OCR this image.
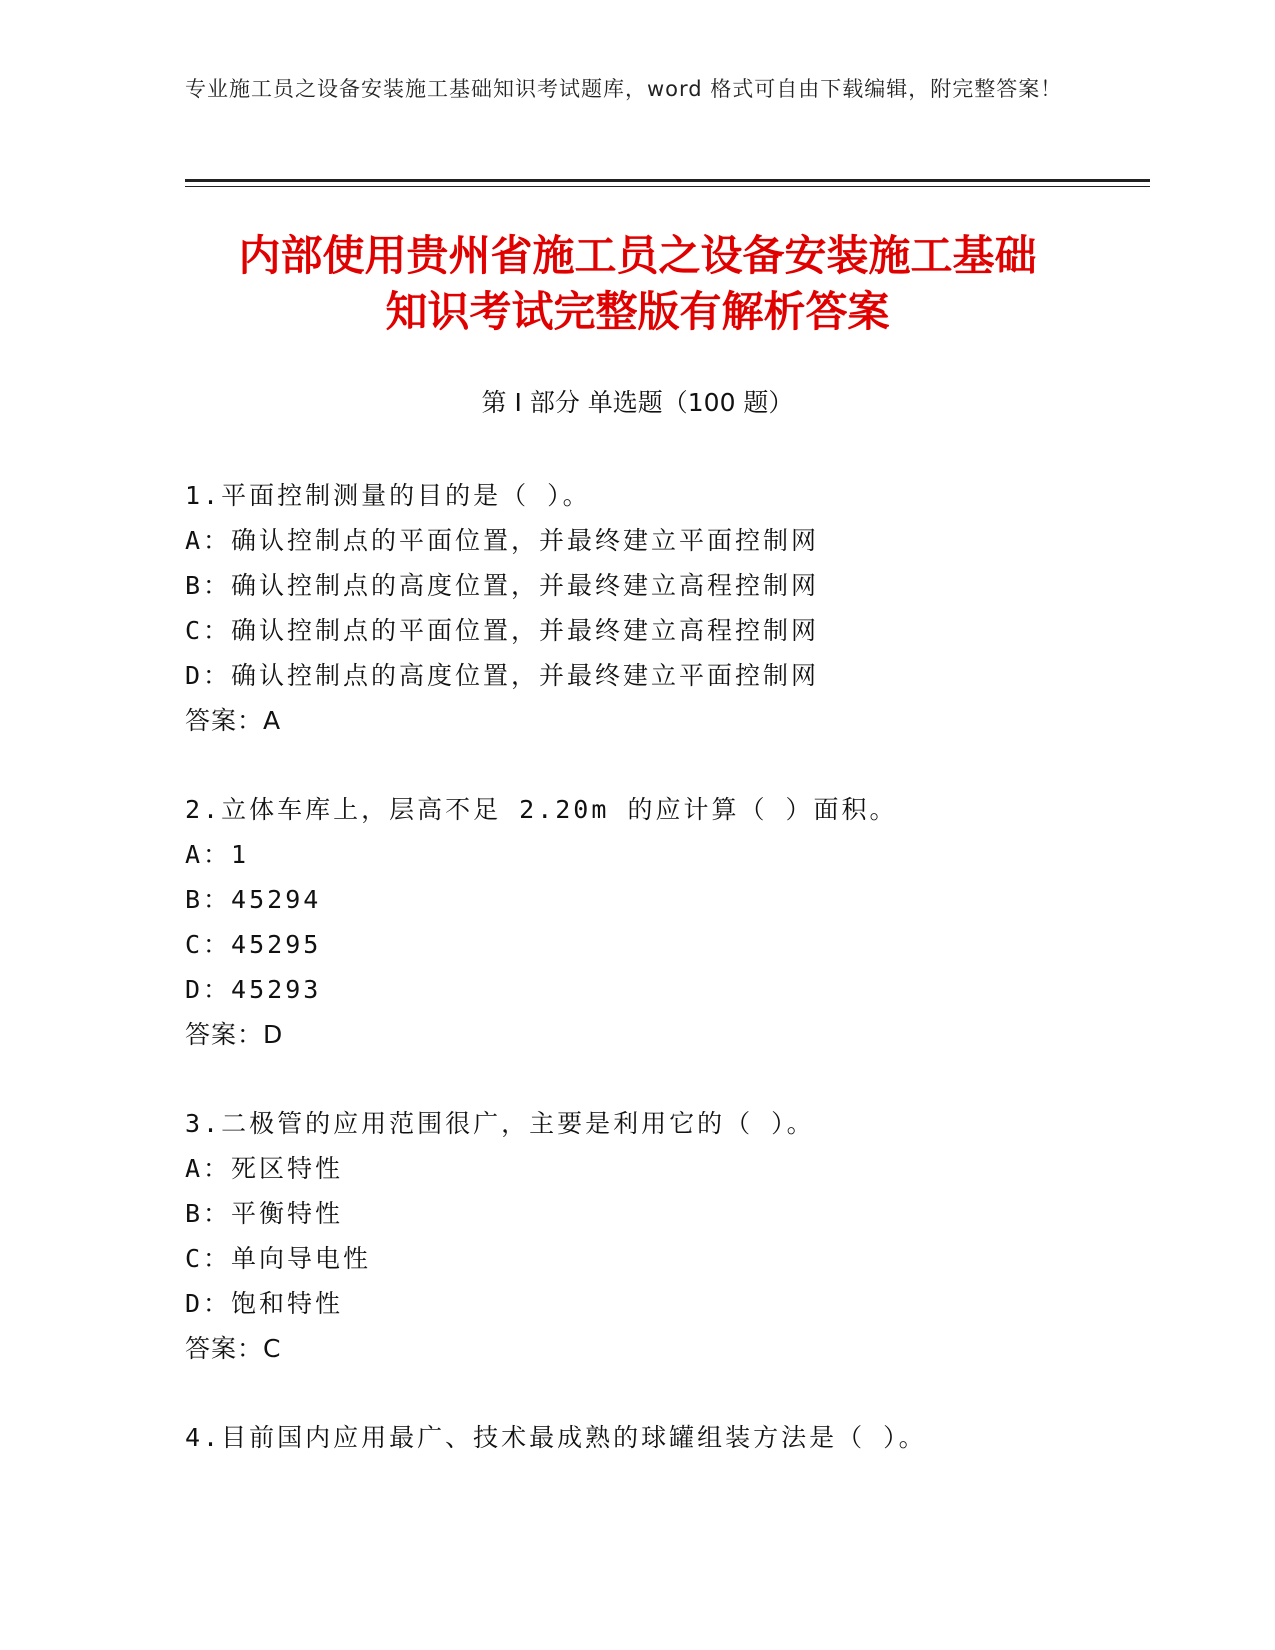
专业施工员之设备安装施工基础知识考试题库，word 格式可自由下载编辑，附完整答案！
内部使用贵州省施工员之设备安装施工基础
知识考试完整版有解析答案
第 I 部分 单选题（100 题）
1.平面控制测量的目的是（ ）。
A：确认控制点的平面位置，并最终建立平面控制网
B：确认控制点的高度位置，并最终建立高程控制网
C：确认控制点的平面位置，并最终建立高程控制网
D：确认控制点的高度位置，并最终建立平面控制网
答案：A
2.立体车库上，层高不足 2.20m 的应计算（ ）面积。
A：1
B：45294
C：45295
D：45293
答案：D
3.二极管的应用范围很广，主要是利用它的（ ）。
A：死区特性
B：平衡特性
C：单向导电性
D：饱和特性
答案：C
4.目前国内应用最广、技术最成熟的球罐组装方法是（ ）。
